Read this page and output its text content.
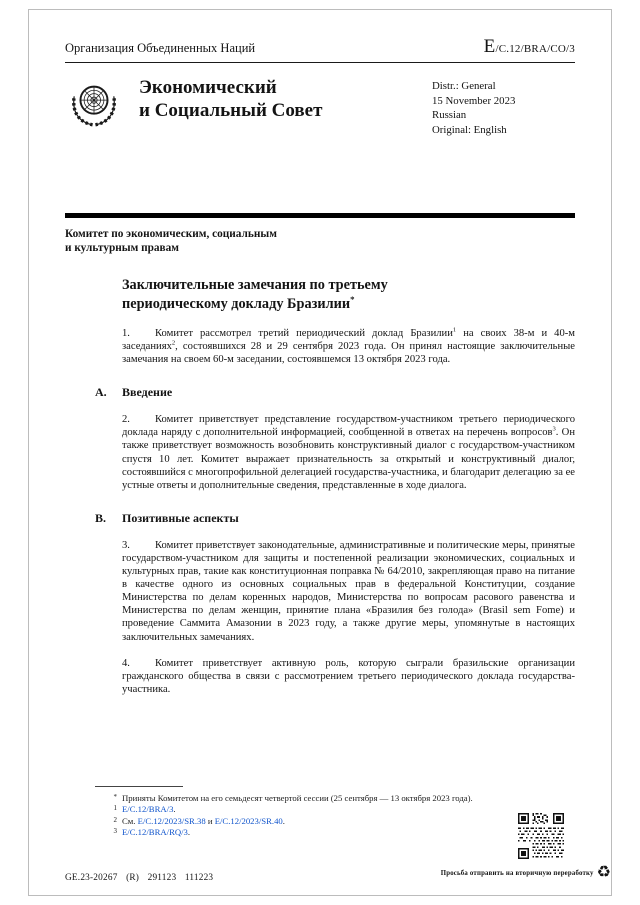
Организация Объединенных Наций	E/C.12/BRA/CO/3
Экономический
и Социальный Совет
Distr.: General
15 November 2023
Russian
Original: English
Комитет по экономическим, социальным
и культурным правам
Заключительные замечания по третьему периодическому докладу Бразилии*
1. Комитет рассмотрел третий периодический доклад Бразилии$^1$ на своих 38-м и 40-м заседаниях$^2$, состоявшихся 28 и 29 сентября 2023 года. Он принял настоящие заключительные замечания на своем 60-м заседании, состоявшемся 13 октября 2023 года.
A. Введение
2. Комитет приветствует представление государством-участником третьего периодического доклада наряду с дополнительной информацией, сообщенной в ответах на перечень вопросов$^3$. Он также приветствует возможность возобновить конструктивный диалог с государством-участником спустя 10 лет. Комитет выражает признательность за открытый и конструктивный диалог, состоявшийся с многопрофильной делегацией государства-участника, и благодарит делегацию за ее устные ответы и дополнительные сведения, представленные в ходе диалога.
B. Позитивные аспекты
3. Комитет приветствует законодательные, административные и политические меры, принятые государством-участником для защиты и постепенной реализации экономических, социальных и культурных прав, такие как конституционная поправка № 64/2010, закрепляющая право на питание в качестве одного из основных социальных прав в федеральной Конституции, создание Министерства по делам коренных народов, Министерства по вопросам расового равенства и Министерства по делам женщин, принятие плана «Бразилия без голода» (Brasil sem Fome) и проведение Саммита Амазонии в 2023 году, а также другие меры, упомянутые в настоящих заключительных замечаниях.
4. Комитет приветствует активную роль, которую сыграли бразильские организации гражданского общества в связи с рассмотрением третьего периодического доклада государства-участника.
* Приняты Комитетом на его семьдесят четвертой сессии (25 сентября — 13 октября 2023 года).
1 E/C.12/BRA/3.
2 См. E/C.12/2023/SR.38 и E/C.12/2023/SR.40.
3 E/C.12/BRA/RQ/3.
GE.23-20267 (R) 291123 111223	Просьба отправить на вторичную переработку ♻
